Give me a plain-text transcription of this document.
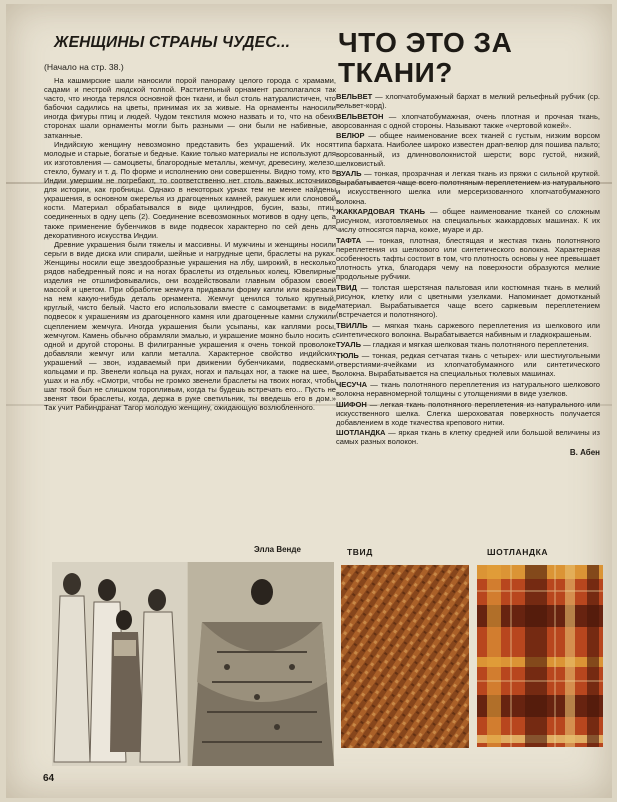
ЖЕНЩИНЫ СТРАНЫ ЧУДЕС...
(Начало на стр. 38.)

На кашмирские шали наносили порой панораму целого города с храмами, садами и пестрой людской толпой. Растительный орнамент располагался так часто, что иногда терялся основной фон ткани, и был столь натуралистичен, что бабочки садились на цветы, принимая их за живые. На орнаменты наносили иногда фигуры птиц и людей. Чудом текстиля можно назвать и то, что на обеих сторонах шали орнаменты могли быть разными — они были не набивные, а затканные.

Индийскую женщину невозможно представить без украшений. Их носят молодые и старые, богатые и бедные. Какие только материалы не используют для их изготовления — самоцветы, благородные металлы, жемчуг, древесину, железо, стекло, бумагу и т. д. По форме и исполнению они совершенны. Видно тому, кто в Индии умершим не погребают, то соответственно нет столь важных источников для истории, как гробницы. Однако в некоторых урнах тем не менее найдены украшения, в основном ожерелья из драгоценных камней, ракушек или слоновой кости. Материал обрабатывался в виде цилиндров, бусин, вазы, птиц, соединенных в одну цепь (2). Соединение всевозможных мотивов в одну цепь, а также применение бубенчиков в виде подвесок характерно по сей день для декоративного искусства Индии.

Древние украшения были тяжелы и массивны. И мужчины и женщины носили серьги в виде диска или спирали, шейные и нагрудные цепи, браслеты на руках. Женщины носили еще звездообразные украшения на лбу, широкий, в несколько рядов набедренный пояс и на ногах браслеты из отдельных колец. Ювелирные изделия не отшлифовывались, они воздействовали главным образом своей массой и цветом. При обработке жемчуга придавали форму капли или вырезали на нем какую-нибудь деталь орнамента. Жемчуг ценился только крупный, круглый, чисто белый. Часто его использовали вместе с самоцветами: в виде подвесок к украшениям из драгоценного камня или драгоценные камни служили сцеплением жемчуга. Иногда украшения были усыпаны, как каплями росы, жемчугом. Камень обычно обрамляли эмалью, и украшение можно было носить с одной и другой стороны. В филигранные украшения к очень тонкой проволоке добавляли жемчуг или капли металла. Характерное свойство индийских украшений — звон, издаваемый при движении бубенчиками, подвесками, кольцами и пр. Звенели кольца на руках, ногах и пальцах ног, а также на шее, в ушах и на лбу. «Смотри, чтобы не громко звенели браслеты на твоих ногах, чтобы шаг твой был не слишком торопливым, когда ты будешь встречать его... Пусть не звенят твои браслеты, когда, держа в руке светильник, ты введешь его в дом.» Так учит Рабиндранат Тагор молодую женщину, ожидающую возлюбленного.

Элла Венде
ЧТО ЭТО ЗА ТКАНИ?

ВЕЛЬВЕТ — хлопчатобумажный бархат в мелкий рельефный рубчик (ср. вельвет-корд).

ВЕЛЬВЕТОН — хлопчатобумажная, очень плотная и прочная ткань, ворсованная с одной стороны. Называют также «чертовой кожей».

ВЕЛЮР — общее наименование всех тканей с густым, низким ворсом типа бархата. Наиболее широко известен драп-велюр для пошива пальто; ворсованный, из длинноволокнистой шерсти; ворс густой, низкий, шелковистый.

ВУАЛЬ — тонкая, прозрачная и легкая ткань из пряжи с сильной круткой. Вырабатывается чаще всего полотняным переплетением из натурального и искусственного шелка или мерсеризованного хлопчатобумажного волокна.

ЖАККАРДОВАЯ ТКАНЬ — общее наименование тканей со сложным рисунком, изготовляемых на специальных жаккардовых машинах. К их числу относятся парча, кокке, муаре и др.

ТАФТА — тонкая, плотная, блестящая и жесткая ткань полотняного переплетения из шелкового или синтетического волокна. Характерная особенность тафты состоит в том, что плотность основы у нее превышает плотность утка, благодаря чему на поверхности образуются мелкие продольные рубчики.

ТВИД — толстая шерстяная пальтовая или костюмная ткань в мелкий рисунок, клетку или с цветными узелками. Напоминает домотканый материал. Вырабатывается чаще всего саржевым переплетением (встречается и полотняного).

ТВИЛЛЬ — мягкая ткань саржевого переплетения из шелкового или синтетического волокна. Вырабатывается набивным и гладкокрашеным.

ТУАЛЬ — гладкая и мягкая шелковая ткань полотняного переплетения.

ТЮЛЬ — тонкая, редкая сетчатая ткань с четырех- или шестиугольными отверстиями-ячейками из хлопчатобумажного или синтетического волокна. Вырабатывается на специальных тюлевых машинах.

ЧЕСУЧА — ткань полотняного переплетения из натурального шелкового волокна неравномерной толщины с утолщениями в виде узелков.

ШИФОН — легкая ткань полотняного переплетения из натурального или искусственного шелка. Слегка шероховатая поверхность получается добавлением в ходе ткачества крепового нитки.

ШОТЛАНДКА — яркая ткань в клетку средней или большой величины из самых разных волокон.

В. Абен
ТВИД	ШОТЛАНДКА
64
